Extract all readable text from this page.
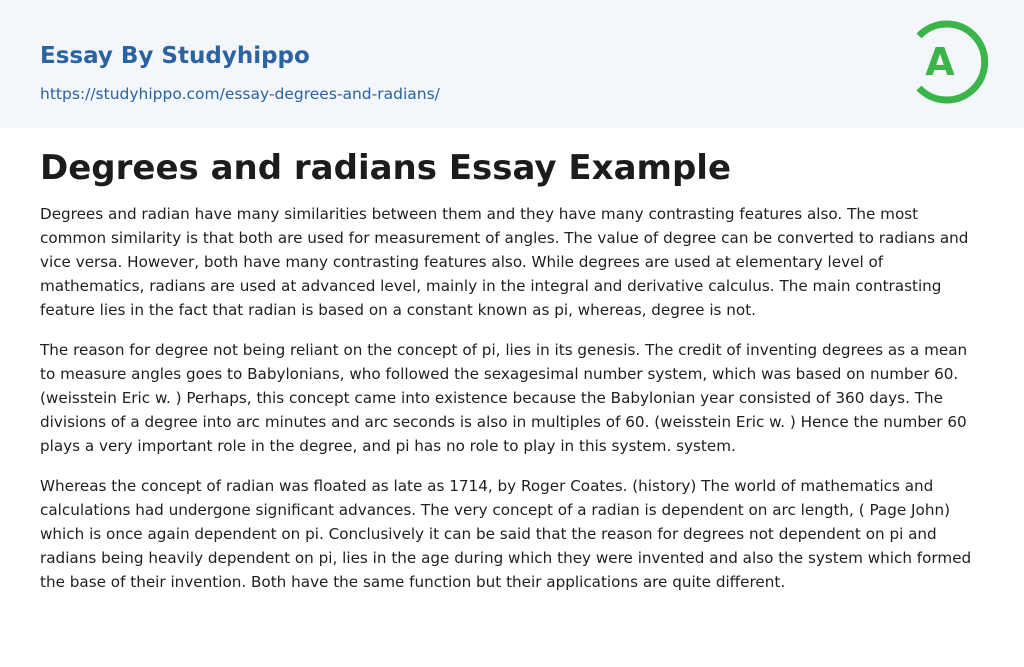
Essay By Studyhippo
https://studyhippo.com/essay-degrees-and-radians/
A
Degrees and radians Essay Example

Degrees and radian have many similarities between them and they have many contrasting features also. The most common similarity is that both are used for measurement of angles. The value of degree can be converted to radians and vice versa. However, both have many contrasting features also. While degrees are used at elementary level of mathematics, radians are used at advanced level, mainly in the integral and derivative calculus. The main contrasting feature lies in the fact that radian is based on a constant known as pi, whereas, degree is not.

The reason for degree not being reliant on the concept of pi, lies in its genesis. The credit of inventing degrees as a mean to measure angles goes to Babylonians, who followed the sexagesimal number system, which was based on number 60. (weisstein Eric w. ) Perhaps, this concept came into existence because the Babylonian year consisted of 360 days. The divisions of a degree into arc minutes and arc seconds is also in multiples of 60. (weisstein Eric w. ) Hence the number 60 plays a very important role in the degree, and pi has no role to play in this system. system.

Whereas the concept of radian was floated as late as 1714, by Roger Coates. (history) The world of mathematics and calculations had undergone significant advances. The very concept of a radian is dependent on arc length, ( Page John) which is once again dependent on pi. Conclusively it can be said that the reason for degrees not dependent on pi and radians being heavily dependent on pi, lies in the age during which they were invented and also the system which formed the base of their invention. Both have the same function but their applications are quite different.
